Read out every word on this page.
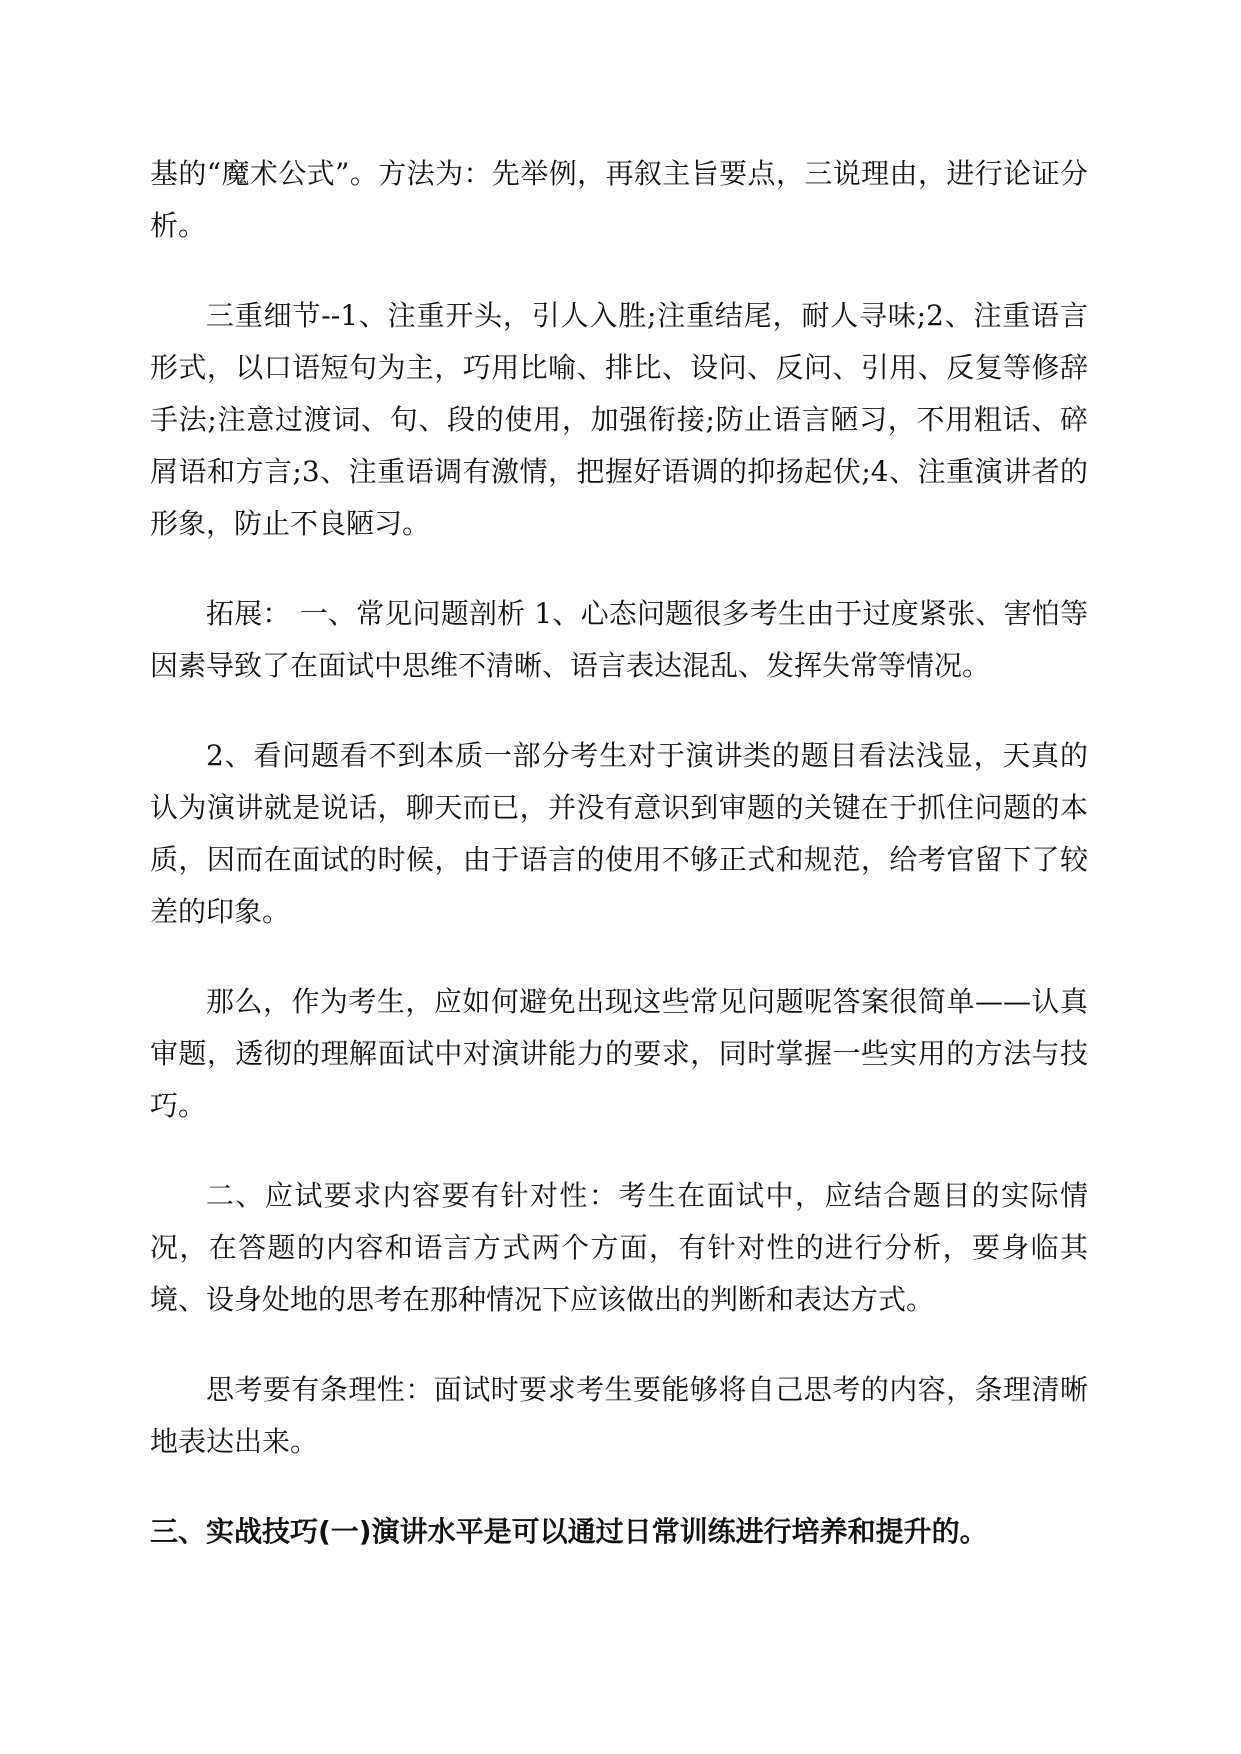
基的“魔术公式”。方法为：先举例，再叙主旨要点，三说理由，进行论证分析。

三重细节--1、注重开头，引人入胜;注重结尾，耐人寻味;2、注重语言形式，以口语短句为主，巧用比喻、排比、设问、反问、引用、反复等修辞手法;注意过渡词、句、段的使用，加强衔接;防止语言陋习，不用粗话、碎屑语和方言;3、注重语调有激情，把握好语调的抑扬起伏;4、注重演讲者的形象，防止不良陋习。

拓展： 一、常见问题剖析 1、心态问题很多考生由于过度紧张、害怕等因素导致了在面试中思维不清晰、语言表达混乱、发挥失常等情况。

2、看问题看不到本质一部分考生对于演讲类的题目看法浅显，天真的认为演讲就是说话，聊天而已，并没有意识到审题的关键在于抓住问题的本质，因而在面试的时候，由于语言的使用不够正式和规范，给考官留下了较差的印象。

那么，作为考生，应如何避免出现这些常见问题呢答案很简单——认真审题，透彻的理解面试中对演讲能力的要求，同时掌握一些实用的方法与技巧。

二、应试要求内容要有针对性：考生在面试中，应结合题目的实际情况，在答题的内容和语言方式两个方面，有针对性的进行分析，要身临其境、设身处地的思考在那种情况下应该做出的判断和表达方式。

思考要有条理性：面试时要求考生要能够将自己思考的内容，条理清晰地表达出来。

三、实战技巧(一)演讲水平是可以通过日常训练进行培养和提升的。
